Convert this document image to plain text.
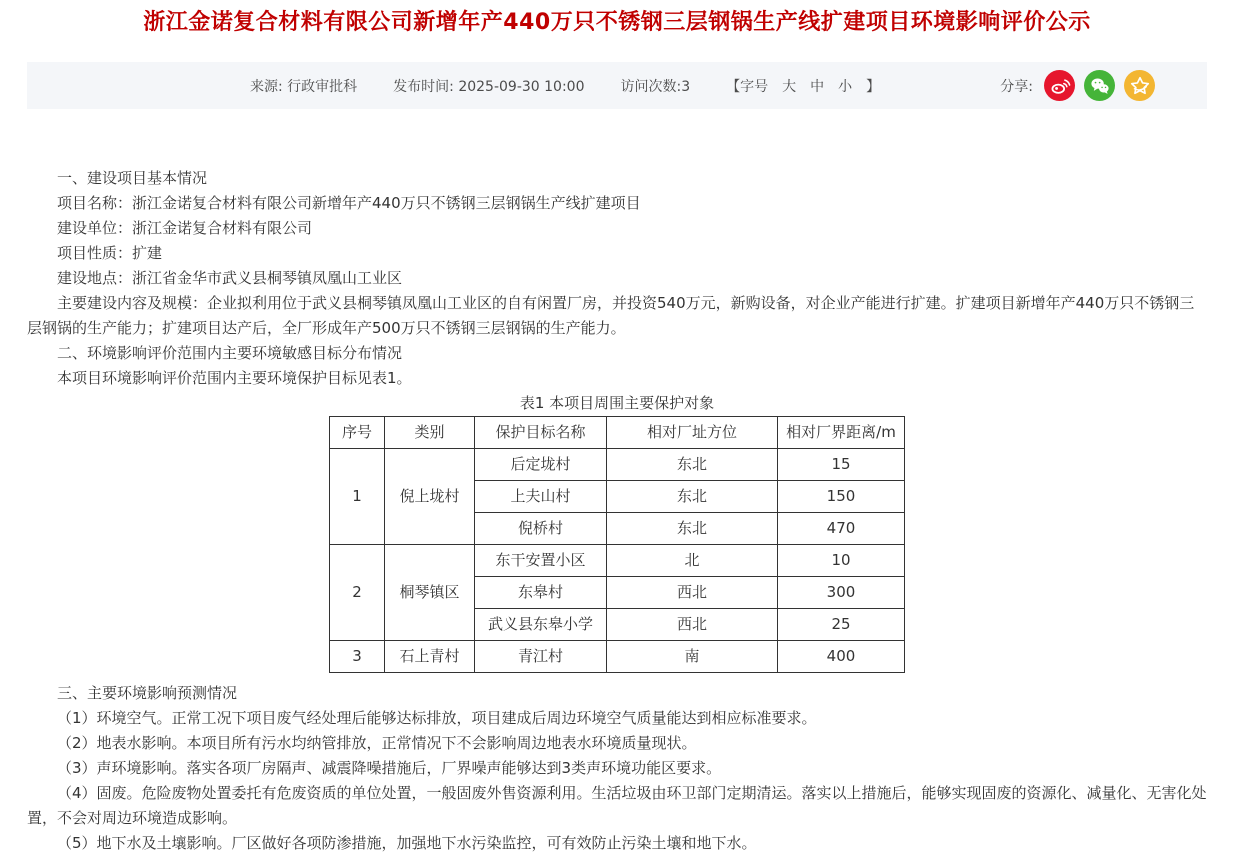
浙江金诺复合材料有限公司新增年产440万只不锈钢三层钢锅生产线扩建项目环境影响评价公示
来源: 行政审批科	发布时间: 2025-09-30 10:00	访问次数:3	【字号 大 中 小 】	分享:

一、建设项目基本情况

项目名称：浙江金诺复合材料有限公司新增年产440万只不锈钢三层钢锅生产线扩建项目

建设单位：浙江金诺复合材料有限公司

项目性质：扩建

建设地点：浙江省金华市武义县桐琴镇凤凰山工业区

主要建设内容及规模：企业拟利用位于武义县桐琴镇凤凰山工业区的自有闲置厂房，并投资540万元，新购设备，对企业产能进行扩建。扩建项目新增年产440万只不锈钢三层钢锅的生产能力；扩建项目达产后，全厂形成年产500万只不锈钢三层钢锅的生产能力。

二、环境影响评价范围内主要环境敏感目标分布情况

本项目环境影响评价范围内主要环境保护目标见表1。

表1 本项目周围主要保护对象
序号	类别	保护目标名称	相对厂址方位	相对厂界距离/m
1	倪上垅村	后定垅村	东北	15
		上夫山村	东北	150
		倪桥村	东北	470
2	桐琴镇区	东干安置小区	北	10
		东皋村	西北	300
		武义县东皋小学	西北	25
3	石上青村	青江村	南	400

三、主要环境影响预测情况

（1）环境空气。正常工况下项目废气经处理后能够达标排放，项目建成后周边环境空气质量能达到相应标准要求。

（2）地表水影响。本项目所有污水均纳管排放，正常情况下不会影响周边地表水环境质量现状。

（3）声环境影响。落实各项厂房隔声、减震降噪措施后，厂界噪声能够达到3类声环境功能区要求。

（4）固废。危险废物处置委托有危废资质的单位处置，一般固废外售资源利用。生活垃圾由环卫部门定期清运。落实以上措施后，能够实现固废的资源化、减量化、无害化处置，不会对周边环境造成影响。

（5）地下水及土壤影响。厂区做好各项防渗措施，加强地下水污染监控，可有效防止污染土壤和地下水。
